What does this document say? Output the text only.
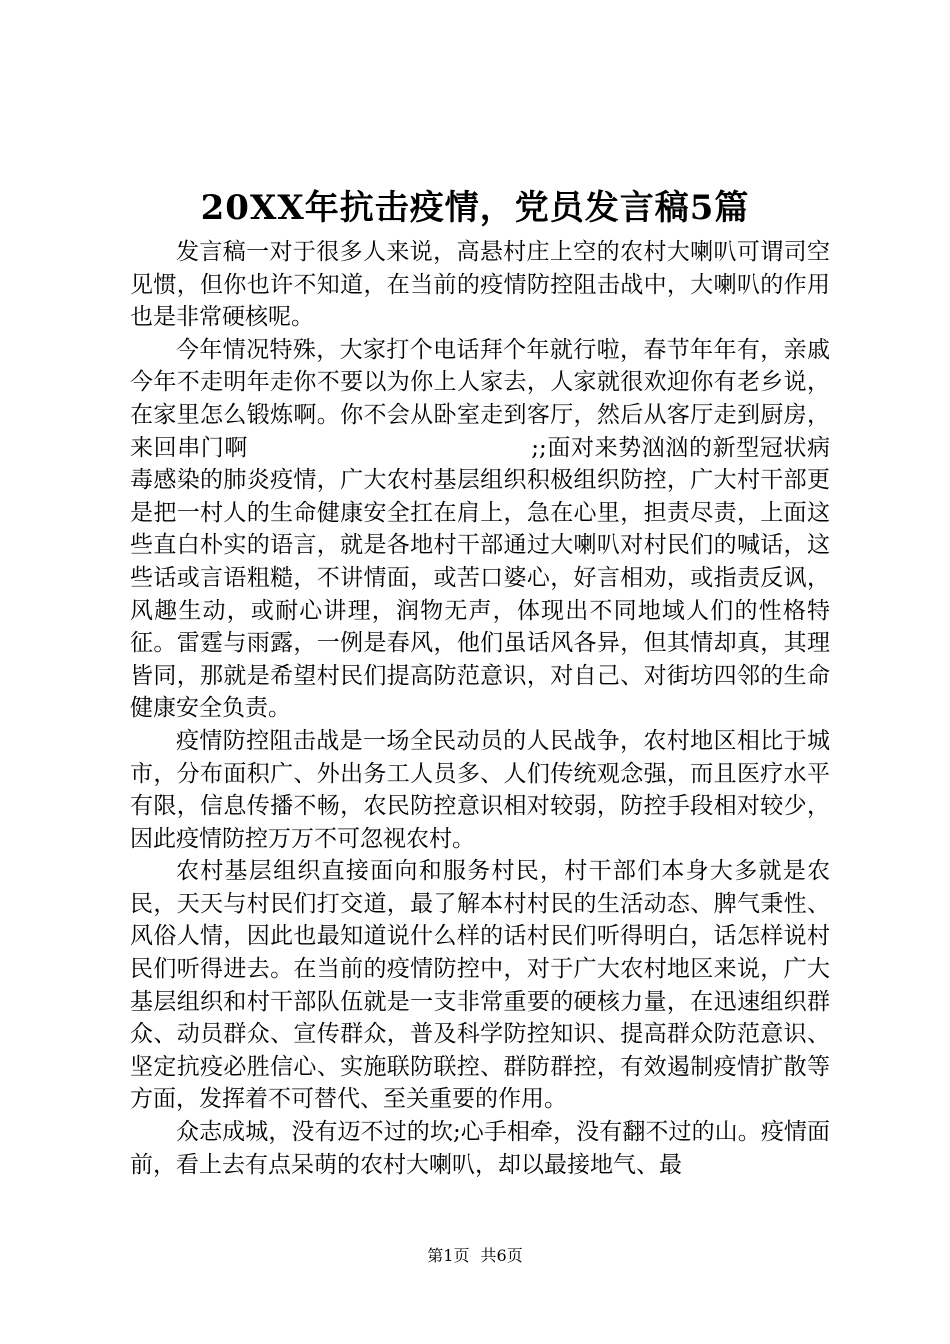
20XX年抗击疫情，党员发言稿5篇

发言稿一对于很多人来说，高悬村庄上空的农村大喇叭可谓司空见惯，但你也许不知道，在当前的疫情防控阻击战中，大喇叭的作用也是非常硬核呢。

今年情况特殊，大家打个电话拜个年就行啦，春节年年有，亲戚今年不走明年走你不要以为你上人家去，人家就很欢迎你有老乡说，在家里怎么锻炼啊。你不会从卧室走到客厅，然后从客厅走到厨房，来回串门啊　　　　　　　　　　　　;;面对来势汹汹的新型冠状病毒感染的肺炎疫情，广大农村基层组织积极组织防控，广大村干部更是把一村人的生命健康安全扛在肩上，急在心里，担责尽责，上面这些直白朴实的语言，就是各地村干部通过大喇叭对村民们的喊话，这些话或言语粗糙，不讲情面，或苦口婆心，好言相劝，或指责反讽，风趣生动，或耐心讲理，润物无声，体现出不同地域人们的性格特征。雷霆与雨露，一例是春风，他们虽话风各异，但其情却真，其理皆同，那就是希望村民们提高防范意识，对自己、对街坊四邻的生命健康安全负责。

疫情防控阻击战是一场全民动员的人民战争，农村地区相比于城市，分布面积广、外出务工人员多、人们传统观念强，而且医疗水平有限，信息传播不畅，农民防控意识相对较弱，防控手段相对较少，因此疫情防控万万不可忽视农村。

农村基层组织直接面向和服务村民，村干部们本身大多就是农民，天天与村民们打交道，最了解本村村民的生活动态、脾气秉性、风俗人情，因此也最知道说什么样的话村民们听得明白，话怎样说村民们听得进去。在当前的疫情防控中，对于广大农村地区来说，广大基层组织和村干部队伍就是一支非常重要的硬核力量，在迅速组织群众、动员群众、宣传群众，普及科学防控知识、提高群众防范意识、坚定抗疫必胜信心、实施联防联控、群防群控，有效遏制疫情扩散等方面，发挥着不可替代、至关重要的作用。

众志成城，没有迈不过的坎;心手相牵，没有翻不过的山。疫情面前，看上去有点呆萌的农村大喇叭，却以最接地气、最

第1页 共6页
